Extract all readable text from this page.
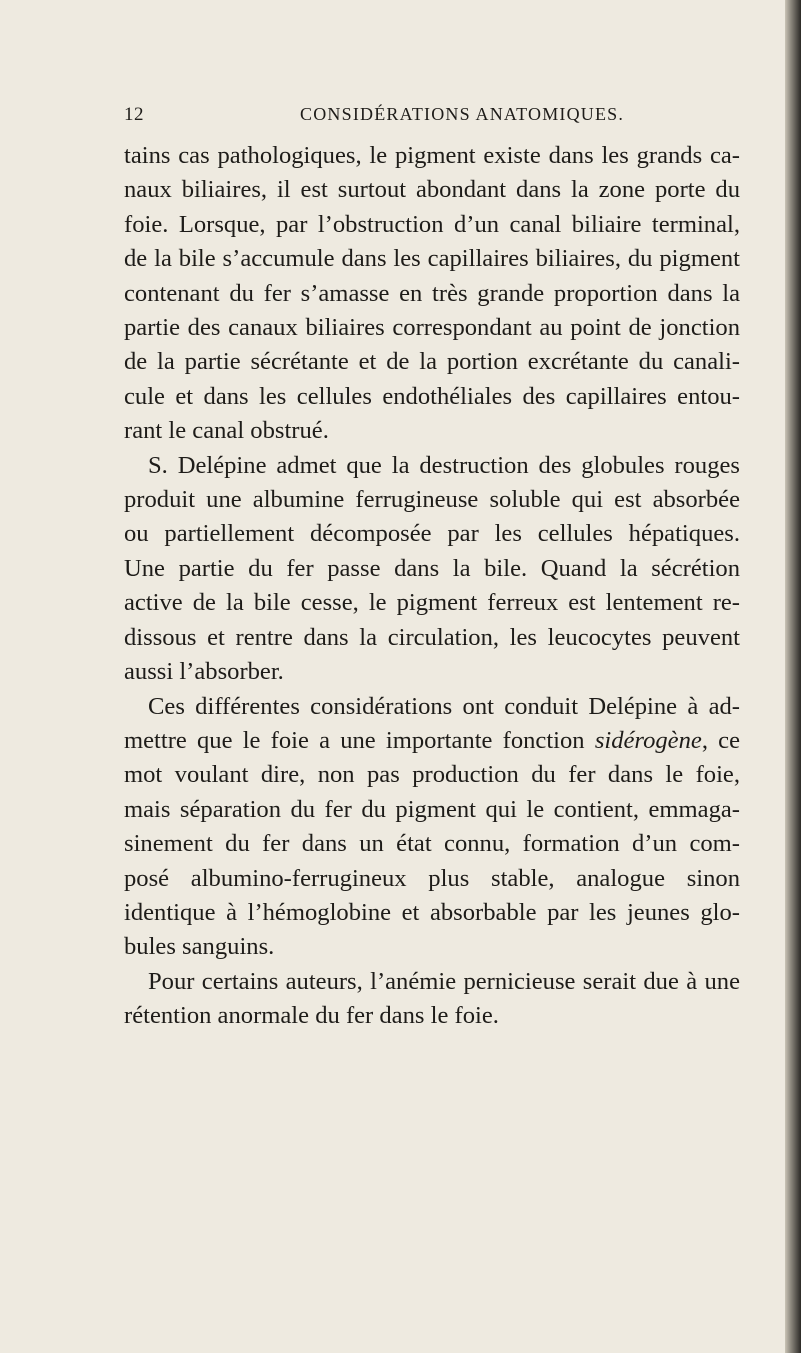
12	CONSIDÉRATIONS ANATOMIQUES.

tains cas pathologiques, le pigment existe dans les grands ca-
naux biliaires, il est surtout abondant dans la zone porte du
foie. Lorsque, par l’obstruction d’un canal biliaire terminal,
de la bile s’accumule dans les capillaires biliaires, du pigment
contenant du fer s’amasse en très grande proportion dans la
partie des canaux biliaires correspondant au point de jonction
de la partie sécrétante et de la portion excrétante du canali-
cule et dans les cellules endothéliales des capillaires entou-
rant le canal obstrué.

S. Delépine admet que la destruction des globules rouges
produit une albumine ferrugineuse soluble qui est absorbée
ou partiellement décomposée par les cellules hépatiques.
Une partie du fer passe dans la bile. Quand la sécrétion
active de la bile cesse, le pigment ferreux est lentement re-
dissous et rentre dans la circulation, les leucocytes peuvent
aussi l’absorber.

Ces différentes considérations ont conduit Delépine à ad-
mettre que le foie a une importante fonction sidérogène, ce
mot voulant dire, non pas production du fer dans le foie,
mais séparation du fer du pigment qui le contient, emmaga-
sinement du fer dans un état connu, formation d’un com-
posé albumino-ferrugineux plus stable, analogue sinon
identique à l’hémoglobine et absorbable par les jeunes glo-
bules sanguins.

Pour certains auteurs, l’anémie pernicieuse serait due à une
rétention anormale du fer dans le foie.
